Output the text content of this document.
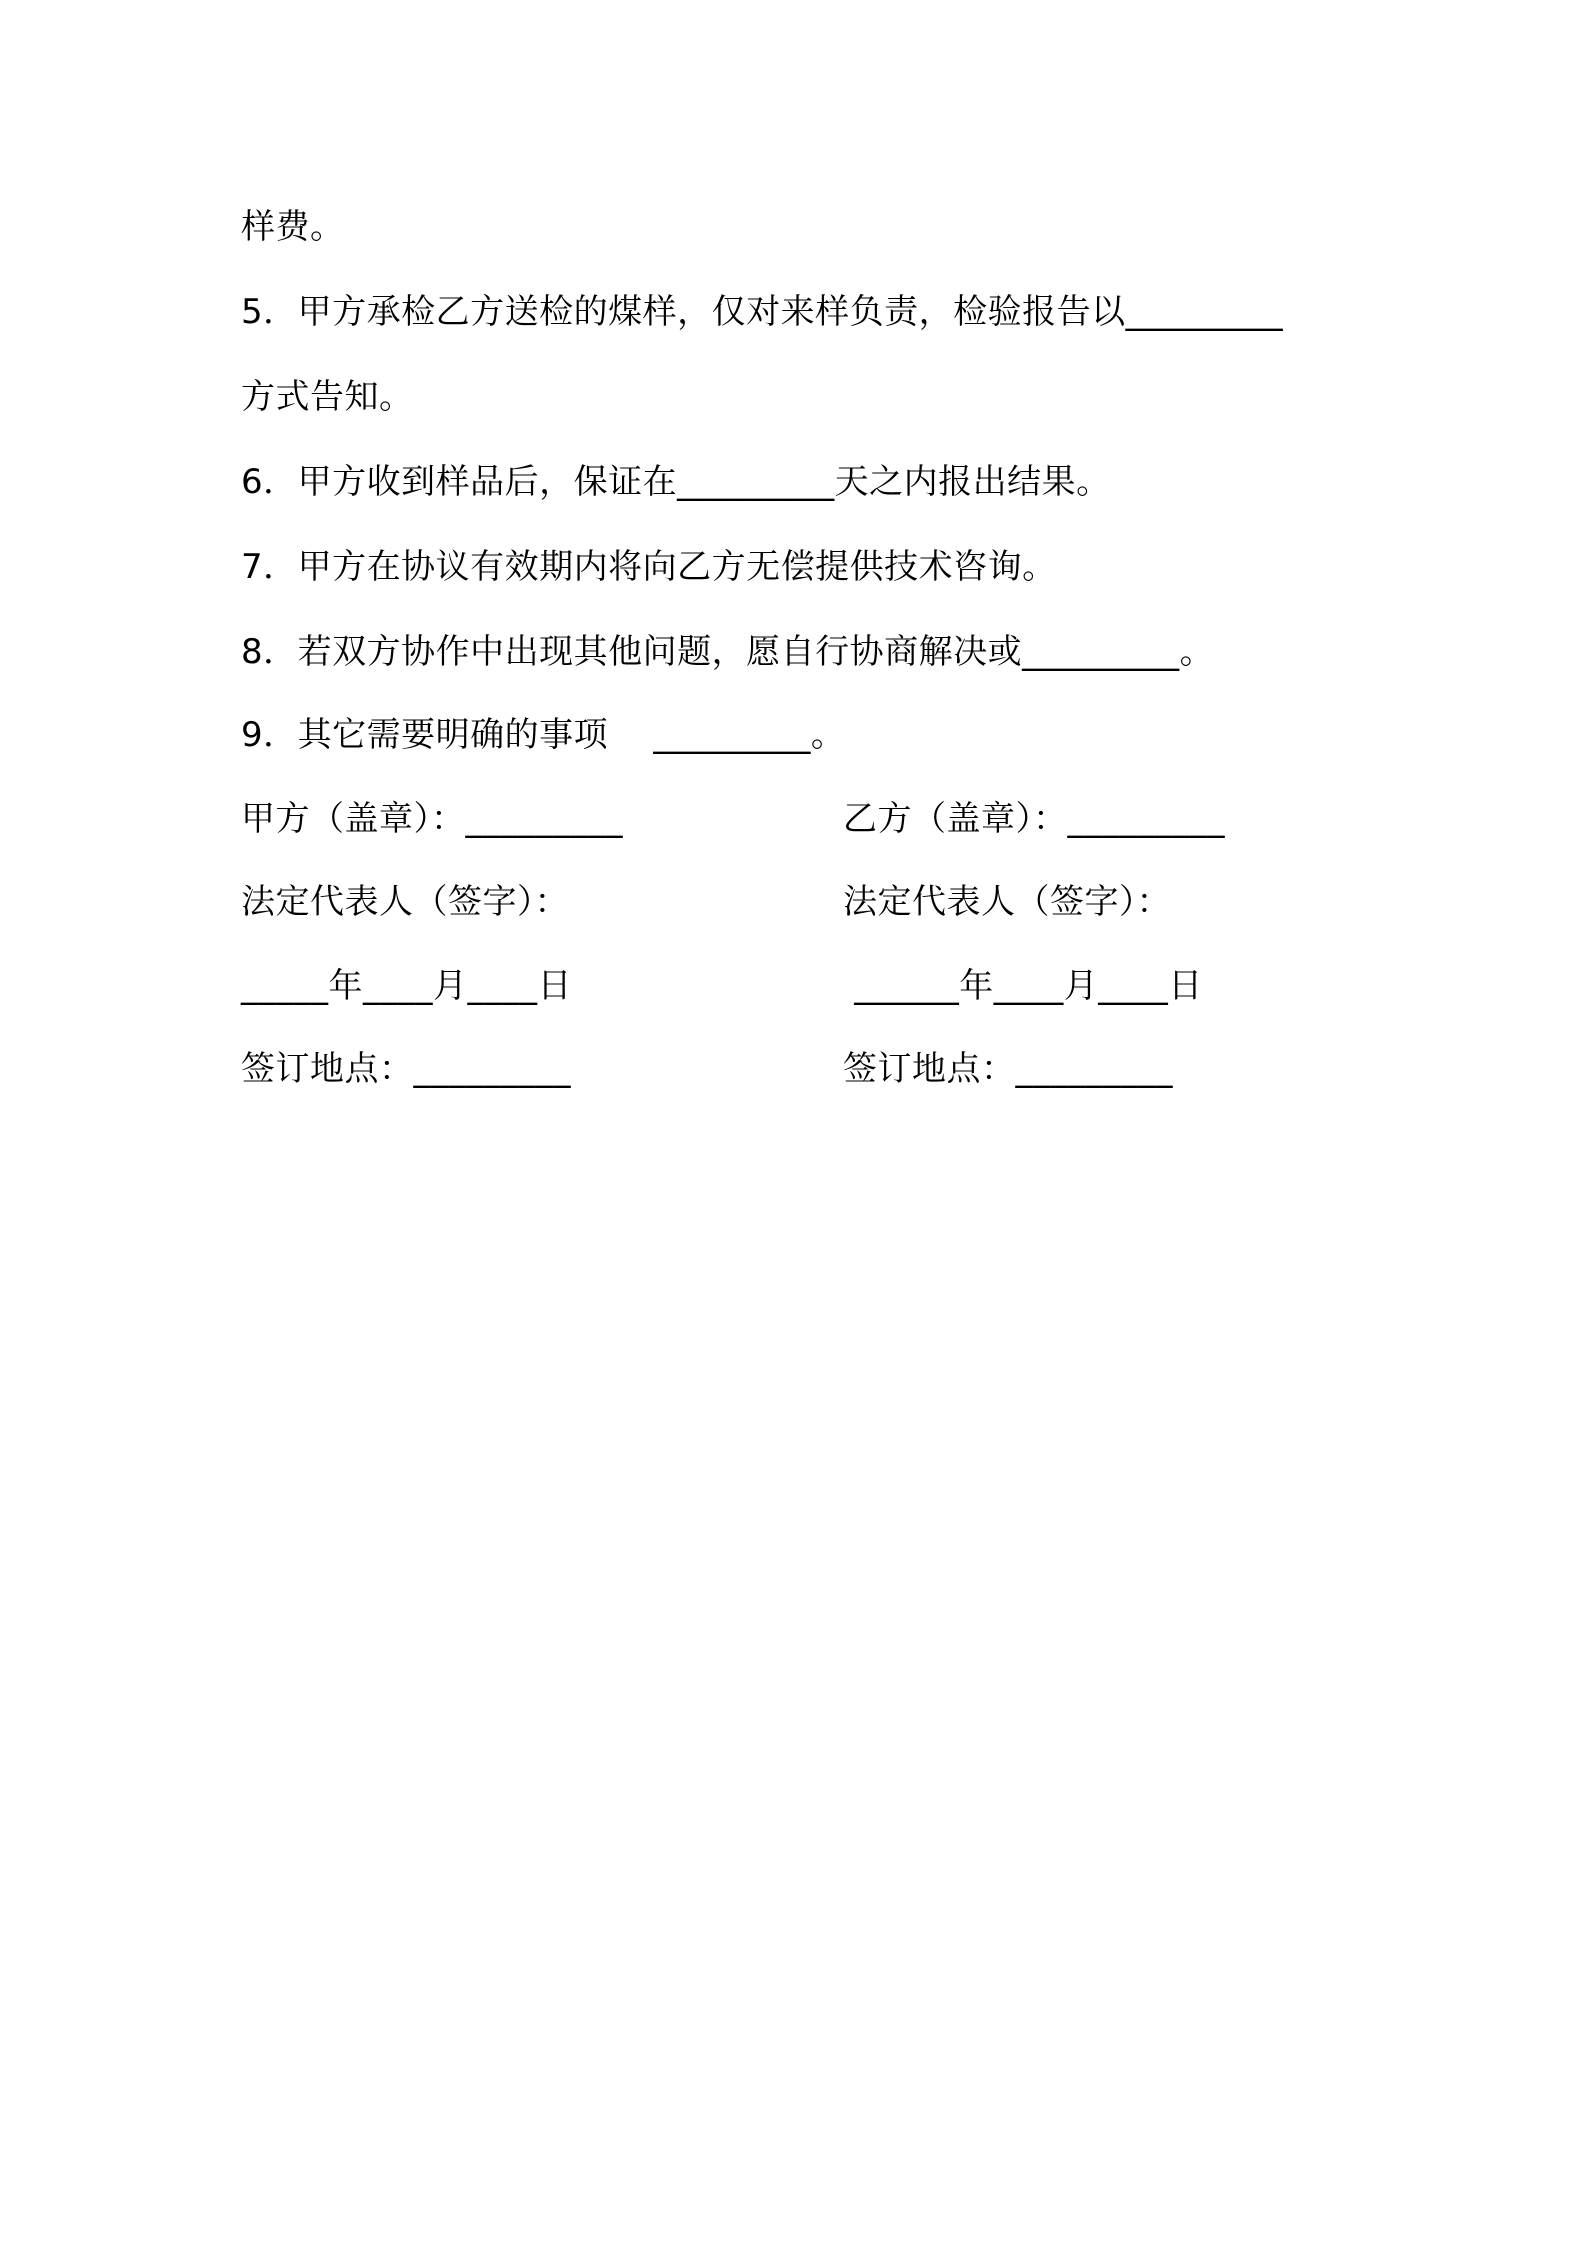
样费。
5．甲方承检乙方送检的煤样，仅对来样负责，检验报告以_________
方式告知。
6．甲方收到样品后，保证在_________天之内报出结果。
7．甲方在协议有效期内将向乙方无偿提供技术咨询。
8．若双方协作中出现其他问题，愿自行协商解决或_________。
9．其它需要明确的事项    _________。
甲方（盖章）：_________	乙方（盖章）：_________
法定代表人（签字）：	法定代表人（签字）：
_____年____月____日	______年____月____日
签订地点：_________	签订地点：_________
